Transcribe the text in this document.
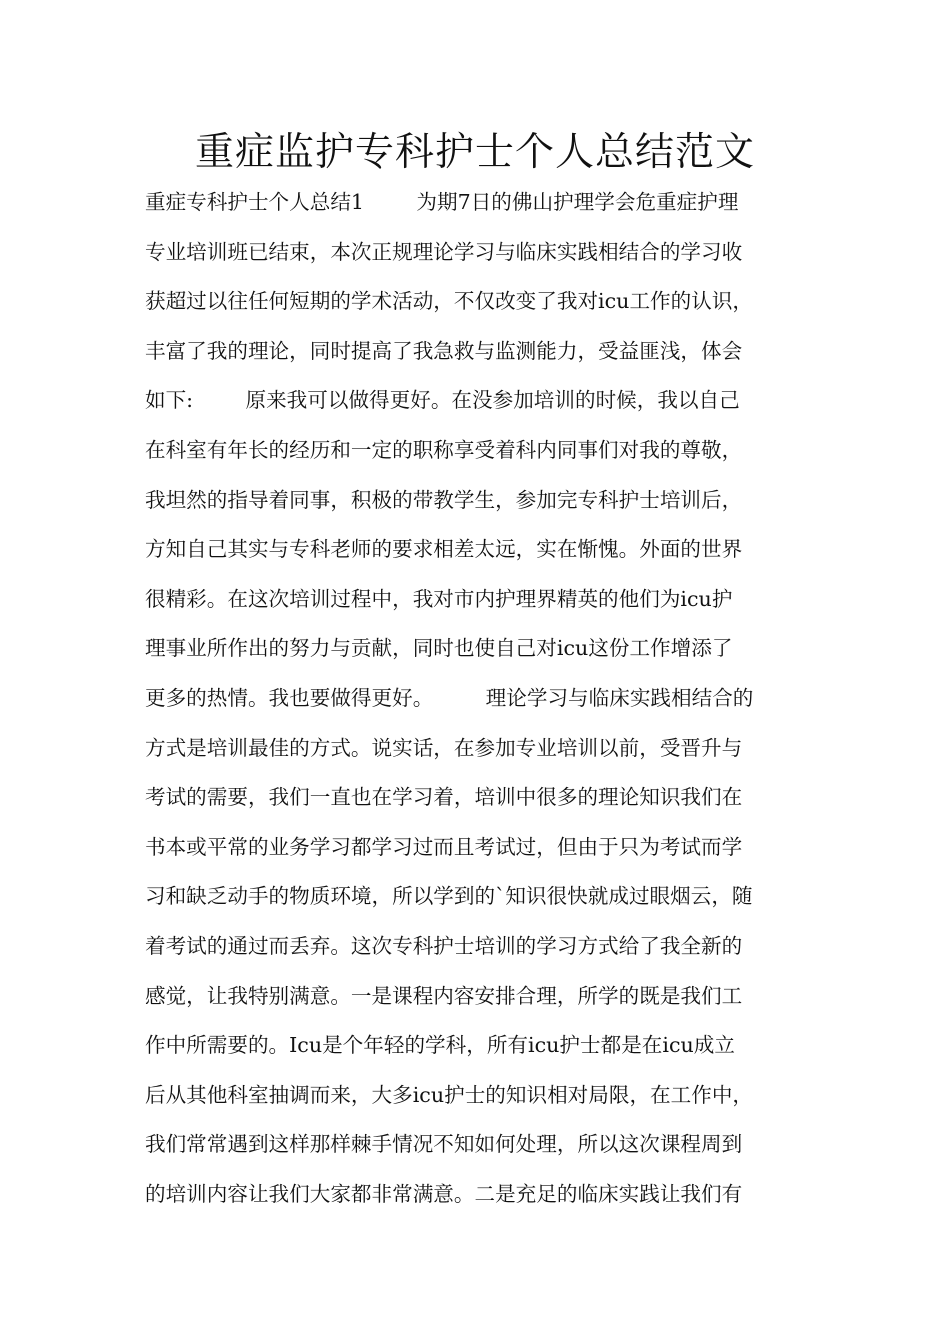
重症监护专科护士个人总结范文
重症专科护士个人总结1        为期7日的佛山护理学会危重症护理
专业培训班已结束，本次正规理论学习与临床实践相结合的学习收
获超过以往任何短期的学术活动，不仅改变了我对icu工作的认识，
丰富了我的理论，同时提高了我急救与监测能力，受益匪浅，体会
如下:        原来我可以做得更好。在没参加培训的时候，我以自己
在科室有年长的经历和一定的职称享受着科内同事们对我的尊敬，
我坦然的指导着同事，积极的带教学生，参加完专科护士培训后，
方知自己其实与专科老师的要求相差太远，实在惭愧。外面的世界
很精彩。在这次培训过程中，我对市内护理界精英的他们为icu护
理事业所作出的努力与贡献，同时也使自己对icu这份工作增添了
更多的热情。我也要做得更好。        理论学习与临床实践相结合的
方式是培训最佳的方式。说实话，在参加专业培训以前，受晋升与
考试的需要，我们一直也在学习着，培训中很多的理论知识我们在
书本或平常的业务学习都学习过而且考试过，但由于只为考试而学
习和缺乏动手的物质环境，所以学到的`知识很快就成过眼烟云，随
着考试的通过而丢弃。这次专科护士培训的学习方式给了我全新的
感觉，让我特别满意。一是课程内容安排合理，所学的既是我们工
作中所需要的。Icu是个年轻的学科，所有icu护士都是在icu成立
后从其他科室抽调而来，大多icu护士的知识相对局限，在工作中，
我们常常遇到这样那样棘手情况不知如何处理，所以这次课程周到
的培训内容让我们大家都非常满意。二是充足的临床实践让我们有
